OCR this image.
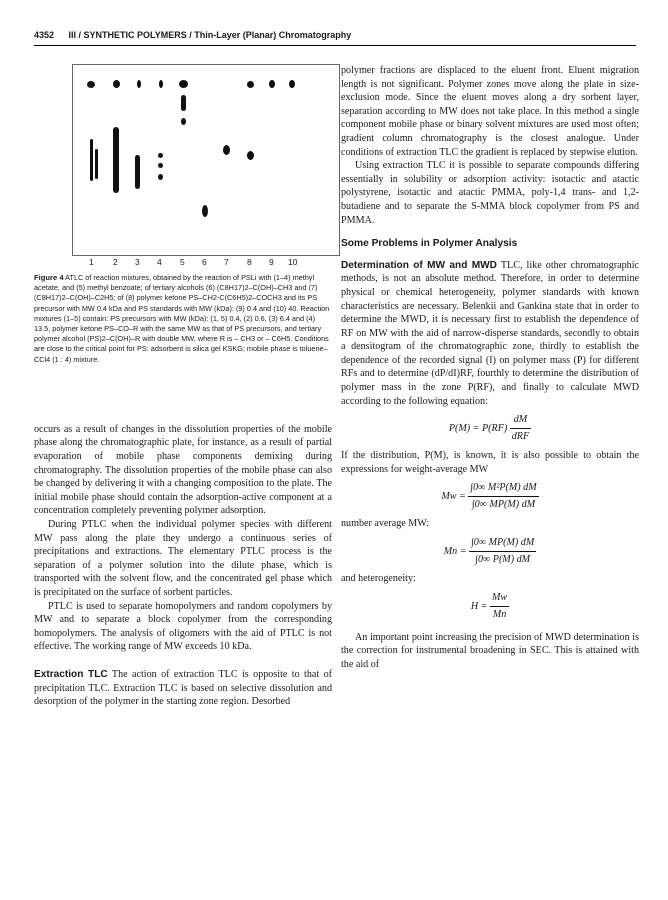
4352 III / SYNTHETIC POLYMERS / Thin-Layer (Planar) Chromatography
1 2 3 4 5 6 7 8 9 10
Figure 4 ATLC of reaction mixtures, obtained by the reaction of PSLi with (1–4) methyl acetate, and (5) methyl benzoate; of tertiary alcohols (6) (C8H17)2–C(OH)–CH3 and (7) (C8H17)2–C(OH)–C2H5; of (8) polymer ketone PS–CH2-C(C6H5)2–COCH3 and its PS precursor with MW 0.4 kDa and PS standards with MW (kDa): (9) 0.4 and (10) 40. Reaction mixtures (1–5) contain: PS precursors with MW (kDa): (1, 5) 0.4, (2) 0.6, (3) 6.4 and (4) 13.5, polymer ketone PS–CO–R with the same MW as that of PS precursors, and tertiary polymer alcohol (PS)2–C(OH)–R with double MW, where R is – CH3 or – C6H5. Conditions are close to the critical point for PS: adsorbent is silica gel KSKG; mobile phase is toluene–CCl4 (1 : 4) mixture.

occurs as a result of changes in the dissolution properties of the mobile phase along the chromatographic plate, for instance, as a result of partial evaporation of mobile phase components demixing during chromatography. The dissolution properties of the mobile phase can also be changed by delivering it with a changing composition to the plate. The initial mobile phase should contain the adsorption-active component at a concentration completely preventing polymer adsorption.

During PTLC when the individual polymer species with different MW pass along the plate they undergo a continuous series of precipitations and extractions. The elementary PTLC process is the separation of a polymer solution into the dilute phase, which is transported with the solvent flow, and the concentrated gel phase which is precipitated on the surface of sorbent particles.

PTLC is used to separate homopolymers and random copolymers by MW and to separate a block copolymer from the corresponding homopolymers. The analysis of oligomers with the aid of PTLC is not effective. The working range of MW exceeds 10 kDa.

Extraction TLC The action of extraction TLC is opposite to that of precipitation TLC. Extraction TLC is based on selective dissolution and desorption of the polymer in the starting zone region. Desorbed

polymer fractions are displaced to the eluent front. Eluent migration length is not significant. Polymer zones move along the plate in size-exclusion mode. Since the eluent moves along a dry sorbent layer, separation according to MW does not take place. In this method a single component mobile phase or binary solvent mixtures are used most often; gradient column chromatography is the closest analogue. Under conditions of extraction TLC the gradient is replaced by stepwise elution.

Using extraction TLC it is possible to separate compounds differing essentially in solubility or adsorption activity: isotactic and atactic polystyrene, isotactic and atactic PMMA, poly-1,4 trans- and 1,2-butadiene and to separate the S-MMA block copolymer from PS and PMMA.

Some Problems in Polymer Analysis

Determination of MW and MWD TLC, like other chromatographic methods, is not an absolute method. Therefore, in order to determine physical or chemical heterogeneity, polymer standards with known characteristics are necessary. Belenkii and Gankina state that in order to determine the MWD, it is necessary first to establish the dependence of RF on MW with the aid of narrow-disperse standards, secondly to obtain a densitogram of the chromatographic zone, thirdly to establish the dependence of the recorded signal (I) on polymer mass (P) for different RFs and to determine (dP/dI)RF, fourthly to determine the distribution of polymer mass in the zone P(RF), and finally to calculate MWD according to the following equation:

$P(M) = P(RF) \frac{dM}{\text{dRF}}$

If the distribution, P(M), is known, it is also possible to obtain the expressions for weight-average MW

$Mw = \frac{\text{∫0∞ M²P(M) dM}}{\int 0\infty MP(M) dM}$

number average MW:

$Mn = \frac{\int 0\infty MP(M) dM}{\int 0\infty P(M) dM}$

and heterogeneity:

$H = \frac{Mw}{Mn}$

An important point increasing the precision of MWD determination is the correction for instrumental broadening in SEC. This is attained with the aid of
